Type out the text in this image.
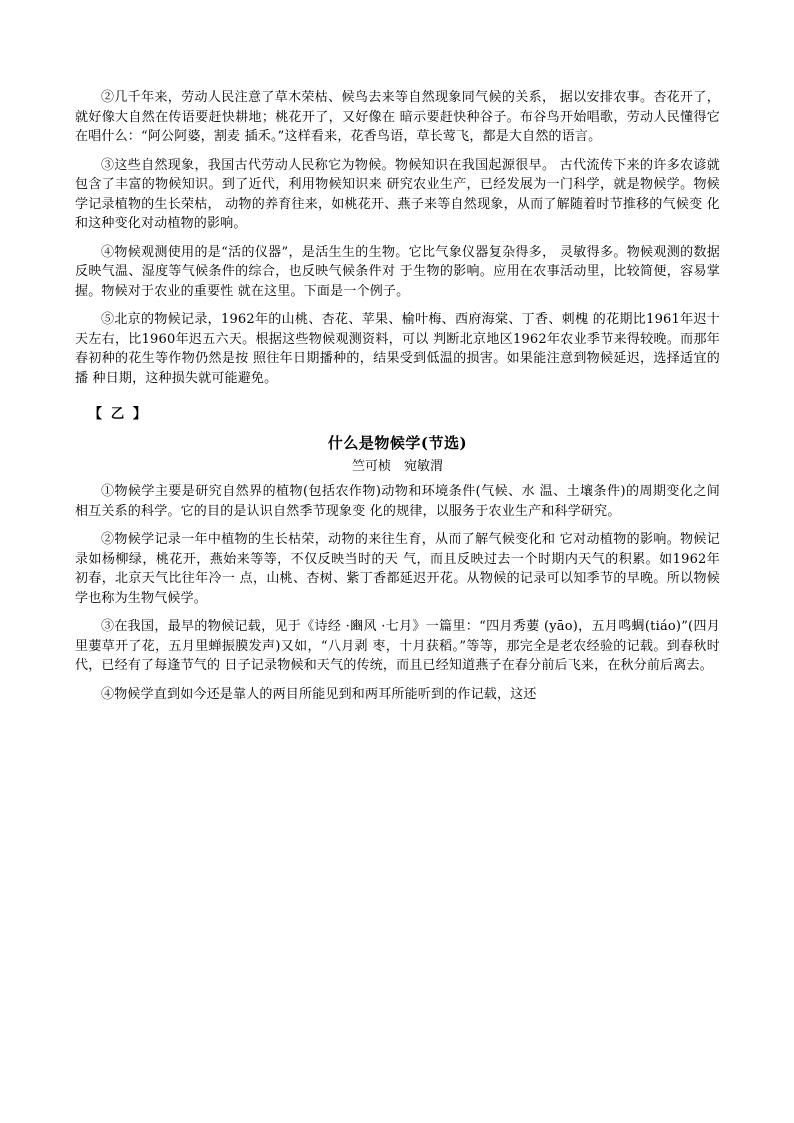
②几千年来，劳动人民注意了草木荣枯、候鸟去来等自然现象同气候的关系， 据以安排农事。杏花开了，就好像大自然在传语要赶快耕地；桃花开了，又好像在 暗示要赶快种谷子。布谷鸟开始唱歌，劳动人民懂得它在唱什么：“阿公阿婆，割麦 插禾。”这样看来，花香鸟语，草长莺飞，都是大自然的语言。

③这些自然现象，我国古代劳动人民称它为物候。物候知识在我国起源很早。 古代流传下来的许多农谚就包含了丰富的物候知识。到了近代，利用物候知识来 研究农业生产，已经发展为一门科学，就是物候学。物候学记录植物的生长荣枯， 动物的养育往来，如桃花开、燕子来等自然现象，从而了解随着时节推移的气候变 化和这种变化对动植物的影响。

④物候观测使用的是“活的仪器”，是活生生的生物。它比气象仪器复杂得多， 灵敏得多。物候观测的数据反映气温、湿度等气候条件的综合，也反映气候条件对 于生物的影响。应用在农事活动里，比较简便，容易掌握。物候对于农业的重要性 就在这里。下面是一个例子。

⑤北京的物候记录，1962年的山桃、杏花、苹果、榆叶梅、西府海棠、丁香、刺槐 的花期比1961年迟十天左右，比1960年迟五六天。根据这些物候观测资料，可以 判断北京地区1962年农业季节来得较晚。而那年春初种的花生等作物仍然是按 照往年日期播种的，结果受到低温的损害。如果能注意到物候延迟，选择适宜的播 种日期，这种损失就可能避免。

【 乙 】

什么是物候学(节选)

竺可桢　宛敏渭

①物候学主要是研究自然界的植物(包括农作物)动物和环境条件(气候、水 温、土壤条件)的周期变化之间相互关系的科学。它的目的是认识自然季节现象变 化的规律，以服务于农业生产和科学研究。

②物候学记录一年中植物的生长枯荣，动物的来往生育，从而了解气候变化和 它对动植物的影响。物候记录如杨柳绿，桃花开，燕始来等等，不仅反映当时的天 气，而且反映过去一个时期内天气的积累。如1962年初春，北京天气比往年冷一 点，山桃、杏树、紫丁香都延迟开花。从物候的记录可以知季节的早晚。所以物候 学也称为生物气候学。

③在我国，最早的物候记载，见于《诗经 ·豳风 ·七月》一篇里：“四月秀葽 (yāo)，五月鸣蜩(tiáo)”(四月里葽草开了花，五月里蝉振膜发声)又如，“八月剥 枣，十月获稻。”等等，那完全是老农经验的记载。到春秋时代，已经有了每逢节气的 日子记录物候和天气的传统，而且已经知道燕子在春分前后飞来，在秋分前后离去。

④物候学直到如今还是靠人的两目所能见到和两耳所能听到的作记载，这还
